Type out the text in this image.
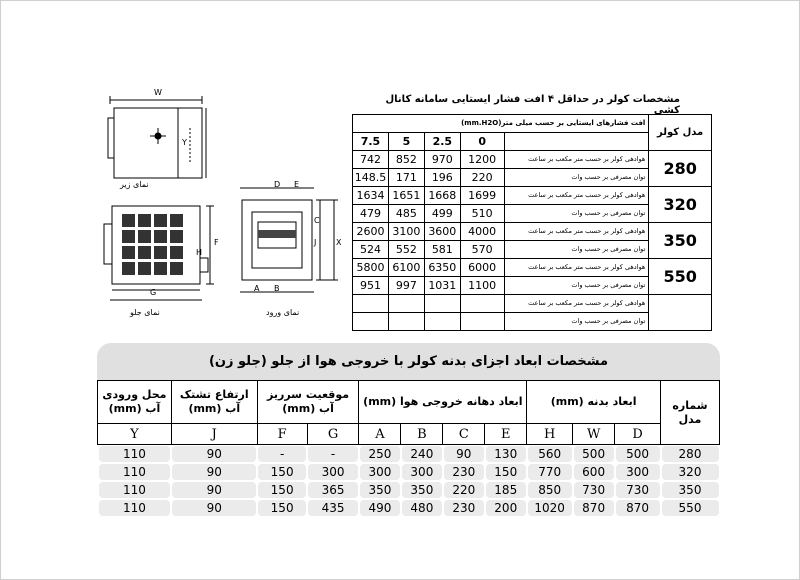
نمای زیر
نمای جلو	نمای ورود
W
H
G
F
E
C
D
X
J
A B
Y
مشخصات کولر در حداقل ۴ افت فشار ایستایی سامانه کانال کشی
افت فشارهای ایستایی بر حسب میلی متر(mm.H2O)					مدل کولر
7.5	5	2.5	0		
742	852	970	1200	هوادهی کولر بر حسب متر مکعب بر ساعت	280
148.5	171	196	220	توان مصرفی بر حسب وات	
1634	1651	1668	1699	هوادهی کولر بر حسب متر مکعب بر ساعت	320
479	485	499	510	توان مصرفی بر حسب وات	
2600	3100	3600	4000	هوادهی کولر بر حسب متر مکعب بر ساعت	350
524	552	581	570	توان مصرفی بر حسب وات	
5800	6100	6350	6000	هوادهی کولر بر حسب متر مکعب بر ساعت	550
951	997	1031	1100	توان مصرفی بر حسب وات	
				هوادهی کولر بر حسب متر مکعب بر ساعت	
				توان مصرفی بر حسب وات	
مشخصات ابعاد اجزای بدنه کولر با خروجی هوا از جلو (جلو زن)
محل ورودی آب (mm)	ارتفاع تشتک آب (mm)	موقعیت سرریز آب (mm)		ابعاد دهانه خروجی هوا (mm)				ابعاد بدنه (mm)			شماره مدل
Y	J	F	G	A	B	C	E	H	W	D	

110	90	-	-	250	240	90	130	560	500	500	280

110	90	150	300	300	300	230	150	770	600	300	320

110	90	150	365	350	350	220	185	850	730	730	350

110	90	150	435	490	480	230	200	1020	870	870	550
